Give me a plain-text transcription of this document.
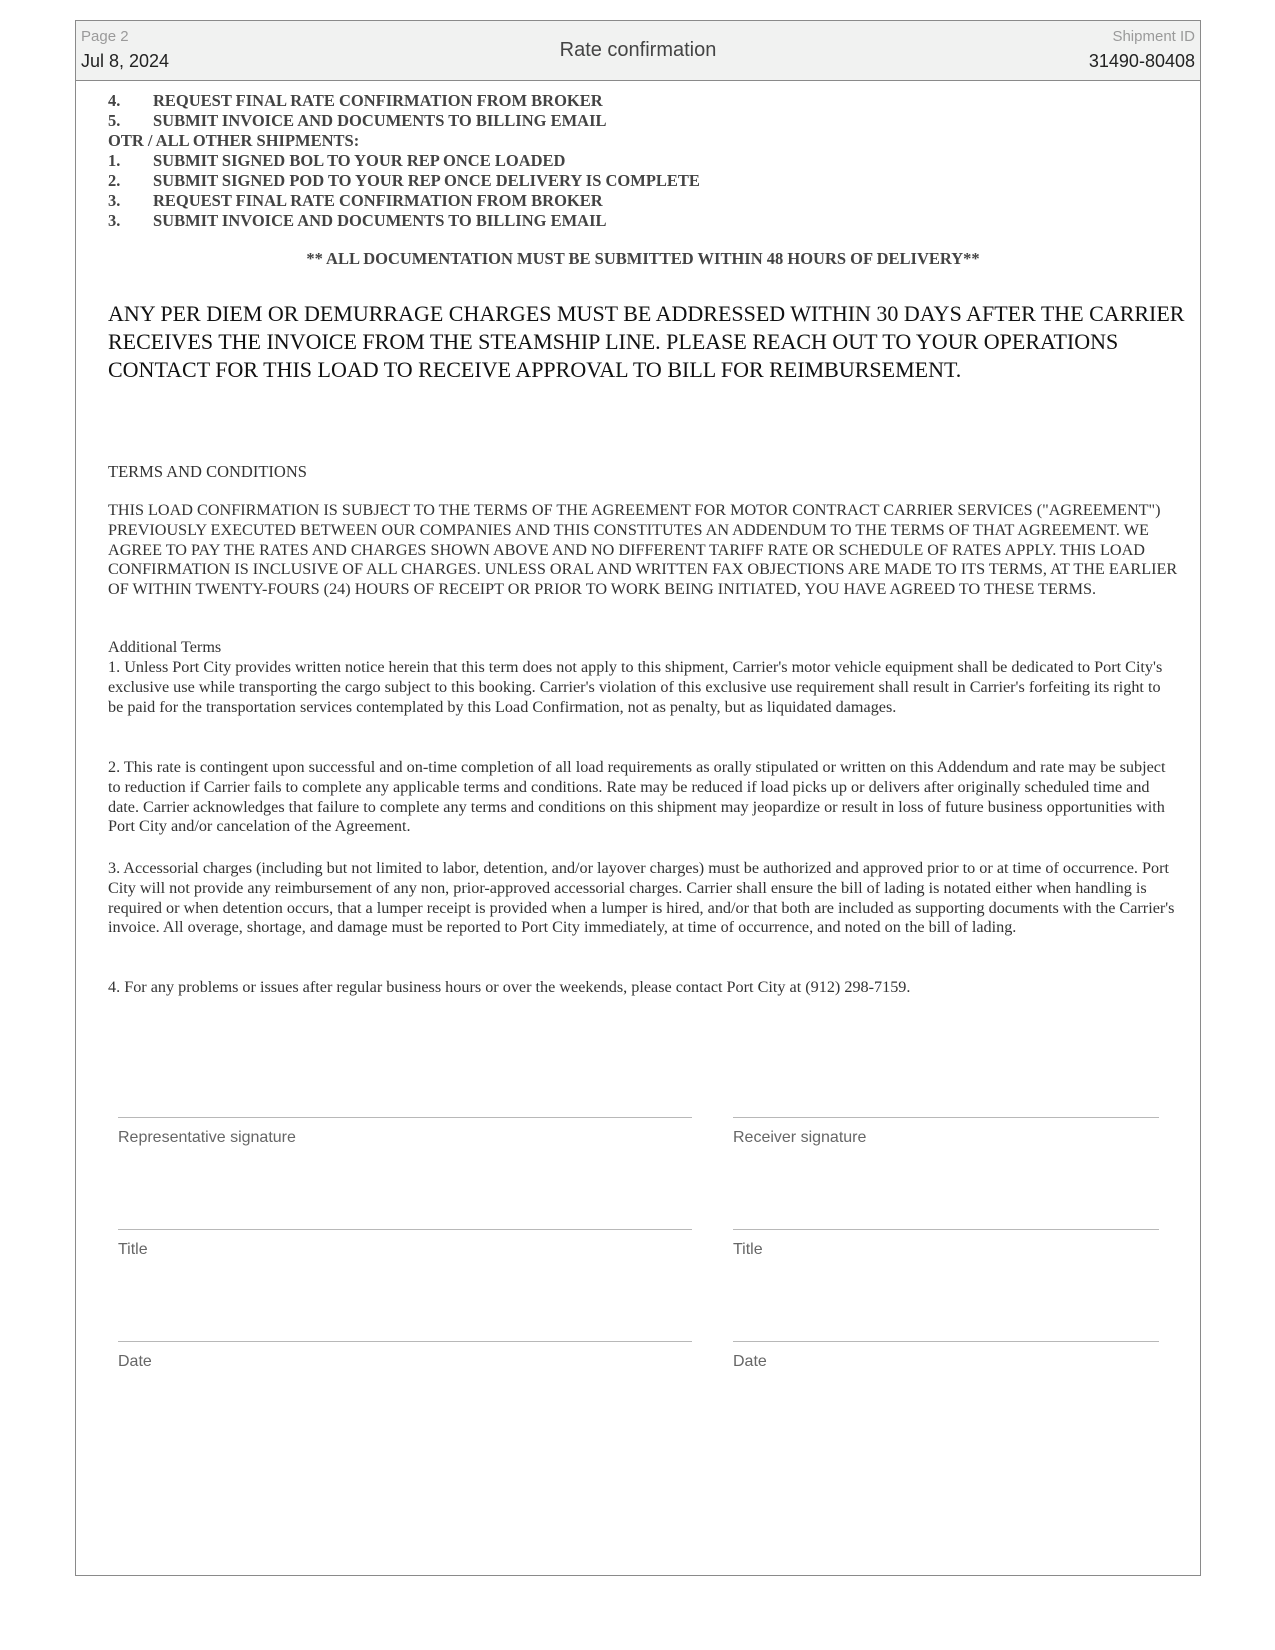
Page 2
Jul 8, 2024	Rate confirmation
Shipment ID
31490-80408
4. REQUEST FINAL RATE CONFIRMATION FROM BROKER
5. SUBMIT INVOICE AND DOCUMENTS TO BILLING EMAIL
OTR / ALL OTHER SHIPMENTS:
1. SUBMIT SIGNED BOL TO YOUR REP ONCE LOADED
2. SUBMIT SIGNED POD TO YOUR REP ONCE DELIVERY IS COMPLETE
3. REQUEST FINAL RATE CONFIRMATION FROM BROKER
3. SUBMIT INVOICE AND DOCUMENTS TO BILLING EMAIL
** ALL DOCUMENTATION MUST BE SUBMITTED WITHIN 48 HOURS OF DELIVERY**
ANY PER DIEM OR DEMURRAGE CHARGES MUST BE ADDRESSED WITHIN 30 DAYS AFTER THE CARRIER RECEIVES THE INVOICE FROM THE STEAMSHIP LINE. PLEASE REACH OUT TO YOUR OPERATIONS CONTACT FOR THIS LOAD TO RECEIVE APPROVAL TO BILL FOR REIMBURSEMENT.
TERMS AND CONDITIONS
THIS LOAD CONFIRMATION IS SUBJECT TO THE TERMS OF THE AGREEMENT FOR MOTOR CONTRACT CARRIER SERVICES ("AGREEMENT") PREVIOUSLY EXECUTED BETWEEN OUR COMPANIES AND THIS CONSTITUTES AN ADDENDUM TO THE TERMS OF THAT AGREEMENT. WE AGREE TO PAY THE RATES AND CHARGES SHOWN ABOVE AND NO DIFFERENT TARIFF RATE OR SCHEDULE OF RATES APPLY. THIS LOAD CONFIRMATION IS INCLUSIVE OF ALL CHARGES. UNLESS ORAL AND WRITTEN FAX OBJECTIONS ARE MADE TO ITS TERMS, AT THE EARLIER OF WITHIN TWENTY-FOURS (24) HOURS OF RECEIPT OR PRIOR TO WORK BEING INITIATED, YOU HAVE AGREED TO THESE TERMS.
Additional Terms
1. Unless Port City provides written notice herein that this term does not apply to this shipment, Carrier's motor vehicle equipment shall be dedicated to Port City's exclusive use while transporting the cargo subject to this booking. Carrier's violation of this exclusive use requirement shall result in Carrier's forfeiting its right to be paid for the transportation services contemplated by this Load Confirmation, not as penalty, but as liquidated damages.
2. This rate is contingent upon successful and on-time completion of all load requirements as orally stipulated or written on this Addendum and rate may be subject to reduction if Carrier fails to complete any applicable terms and conditions. Rate may be reduced if load picks up or delivers after originally scheduled time and date. Carrier acknowledges that failure to complete any terms and conditions on this shipment may jeopardize or result in loss of future business opportunities with Port City and/or cancelation of the Agreement.
3. Accessorial charges (including but not limited to labor, detention, and/or layover charges) must be authorized and approved prior to or at time of occurrence. Port City will not provide any reimbursement of any non, prior-approved accessorial charges. Carrier shall ensure the bill of lading is notated either when handling is required or when detention occurs, that a lumper receipt is provided when a lumper is hired, and/or that both are included as supporting documents with the Carrier's invoice. All overage, shortage, and damage must be reported to Port City immediately, at time of occurrence, and noted on the bill of lading.
4. For any problems or issues after regular business hours or over the weekends, please contact Port City at (912) 298-7159.
Representative signature	Receiver signature
Title	Title
Date	Date
